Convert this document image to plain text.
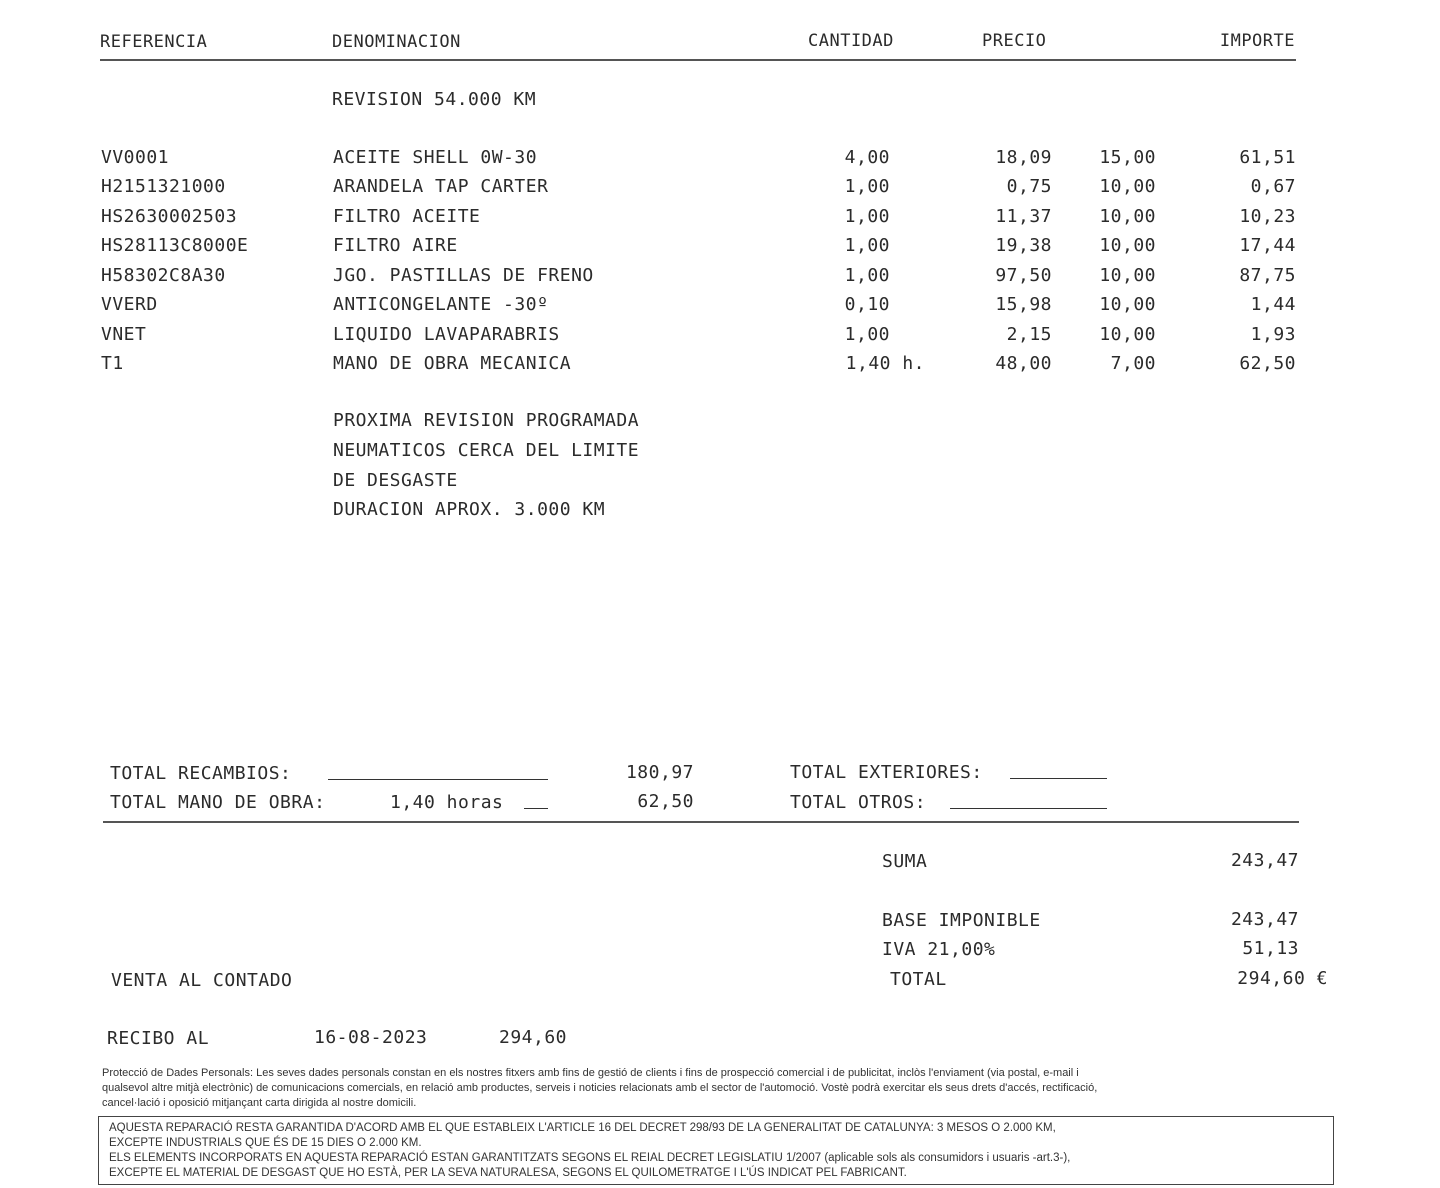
REFERENCIA	DENOMINACION	CANTIDAD	PRECIO	IMPORTE
REVISION 54.000 KM
VV0001	ACEITE SHELL 0W-30	4,00	18,09	15,00	61,51
H2151321000	ARANDELA TAP CARTER	1,00	0,75	10,00	0,67
HS2630002503	FILTRO ACEITE	1,00	11,37	10,00	10,23
HS28113C8000E	FILTRO AIRE	1,00	19,38	10,00	17,44
H58302C8A30	JGO. PASTILLAS DE FRENO	1,00	97,50	10,00	87,75
VVERD	ANTICONGELANTE -30º	0,10	15,98	10,00	1,44
VNET	LIQUIDO LAVAPARABRIS	1,00	2,15	10,00	1,93
T1	MANO DE OBRA MECANICA	1,40 h.	48,00	7,00	62,50
PROXIMA REVISION PROGRAMADA
NEUMATICOS CERCA DEL LIMITE
DE DESGASTE
DURACION APROX. 3.000 KM
TOTAL RECAMBIOS:	180,97
TOTAL MANO DE OBRA:	1,40 horas	62,50
TOTAL EXTERIORES:
TOTAL OTROS:
SUMA	243,47
BASE IMPONIBLE	243,47
IVA 21,00%	51,13
TOTAL	294,60 €
VENTA AL CONTADO
RECIBO AL	16-08-2023	294,60
Protecció de Dades Personals: Les seves dades personals constan en els nostres fitxers amb fins de gestió de clients i fins de prospecció comercial i de publicitat, inclòs l'enviament (via postal, e-mail i
qualsevol altre mitjà electrònic) de comunicacions comercials, en relació amb productes, serveis i noticies relacionats amb el sector de l'automoció. Vostè podrà exercitar els seus drets d'accés, rectificació,
cancel·lació i oposició mitjançant carta dirigida al nostre domicili.
AQUESTA REPARACIÓ RESTA GARANTIDA D'ACORD AMB EL QUE ESTABLEIX L'ARTICLE 16 DEL DECRET 298/93 DE LA GENERALITAT DE CATALUNYA: 3 MESOS O 2.000 KM,
EXCEPTE INDUSTRIALS QUE ÉS DE 15 DIES O 2.000 KM.
ELS ELEMENTS INCORPORATS EN AQUESTA REPARACIÓ ESTAN GARANTITZATS SEGONS EL REIAL DECRET LEGISLATIU 1/2007 (aplicable sols als consumidors i usuaris -art.3-),
EXCEPTE EL MATERIAL DE DESGAST QUE HO ESTÀ, PER LA SEVA NATURALESA, SEGONS EL QUILOMETRATGE I L'ÚS INDICAT PEL FABRICANT.
